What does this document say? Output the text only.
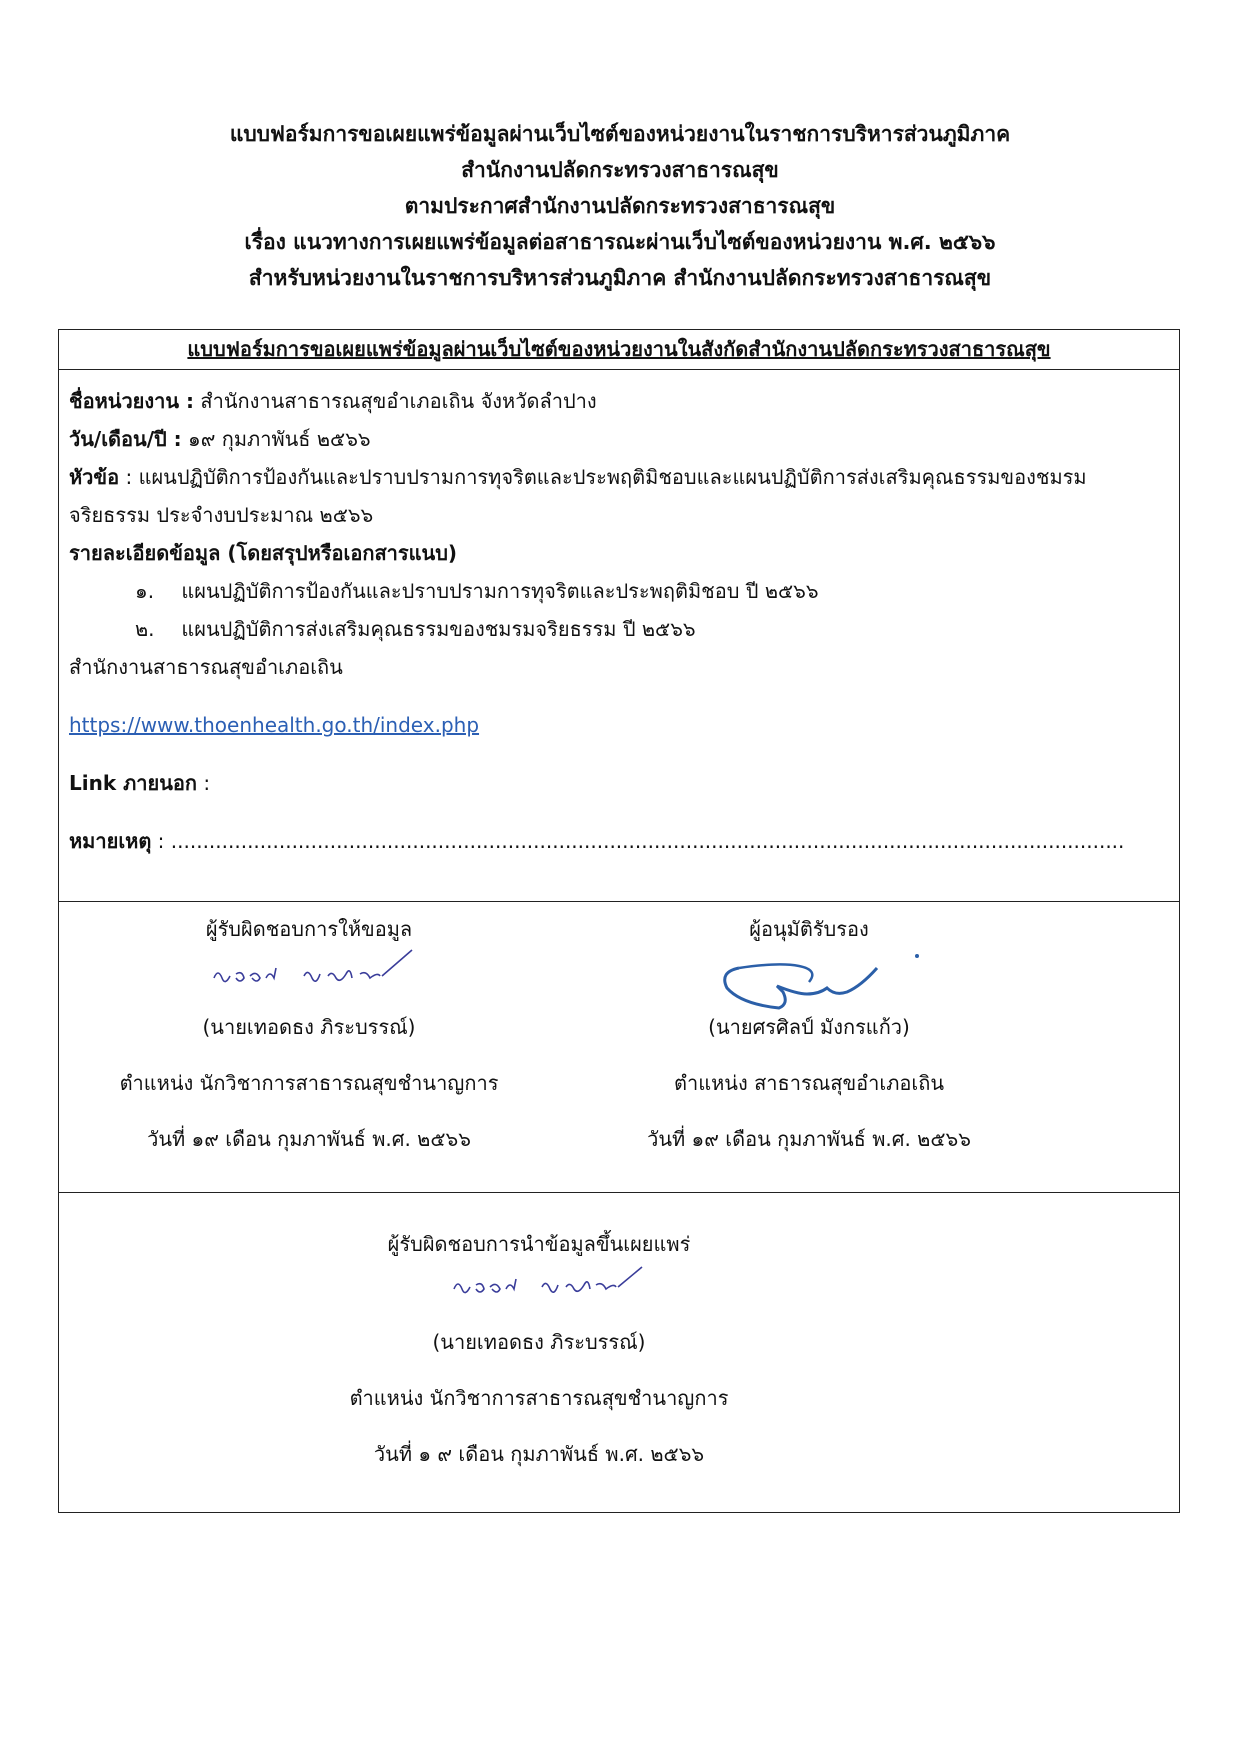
แบบฟอร์มการขอเผยแพร่ข้อมูลผ่านเว็บไซต์ของหน่วยงานในราชการบริหารส่วนภูมิภาค
สำนักงานปลัดกระทรวงสาธารณสุข
ตามประกาศสำนักงานปลัดกระทรวงสาธารณสุข
เรื่อง แนวทางการเผยแพร่ข้อมูลต่อสาธารณะผ่านเว็บไซต์ของหน่วยงาน พ.ศ. ๒๕๖๖
สำหรับหน่วยงานในราชการบริหารส่วนภูมิภาค สำนักงานปลัดกระทรวงสาธารณสุข
แบบฟอร์มการขอเผยแพร่ข้อมูลผ่านเว็บไซต์ของหน่วยงานในสังกัดสำนักงานปลัดกระทรวงสาธารณสุข
ชื่อหน่วยงาน : สำนักงานสาธารณสุขอำเภอเถิน จังหวัดลำปาง
วัน/เดือน/ปี : ๑๙ กุมภาพันธ์ ๒๕๖๖
หัวข้อ : แผนปฏิบัติการป้องกันและปราบปรามการทุจริตและประพฤติมิชอบและแผนปฏิบัติการส่งเสริมคุณธรรมของชมรม
จริยธรรม ประจำงบประมาณ ๒๕๖๖
รายละเอียดข้อมูล (โดยสรุปหรือเอกสารแนบ)
๑. แผนปฏิบัติการป้องกันและปราบปรามการทุจริตและประพฤติมิชอบ ปี ๒๕๖๖
๒. แผนปฏิบัติการส่งเสริมคุณธรรมของชมรมจริยธรรม ปี ๒๕๖๖
สำนักงานสาธารณสุขอำเภอเถิน
https://www.thoenhealth.go.th/index.php
Link ภายนอก :
หมายเหตุ : ......................................................................................................................................................
ผู้รับผิดชอบการให้ขอมูล
(นายเทอดธง ภิระบรรณ์)
ตำแหน่ง นักวิชาการสาธารณสุขชำนาญการ
วันที่ ๑๙ เดือน กุมภาพันธ์ พ.ศ. ๒๕๖๖
ผู้อนุมัติรับรอง
(นายศรศิลป์ มังกรแก้ว)
ตำแหน่ง สาธารณสุขอำเภอเถิน
วันที่ ๑๙ เดือน กุมภาพันธ์ พ.ศ. ๒๕๖๖
ผู้รับผิดชอบการนำข้อมูลขึ้นเผยแพร่
(นายเทอดธง ภิระบรรณ์)
ตำแหน่ง นักวิชาการสาธารณสุขชำนาญการ
วันที่ ๑ ๙ เดือน กุมภาพันธ์ พ.ศ. ๒๕๖๖
